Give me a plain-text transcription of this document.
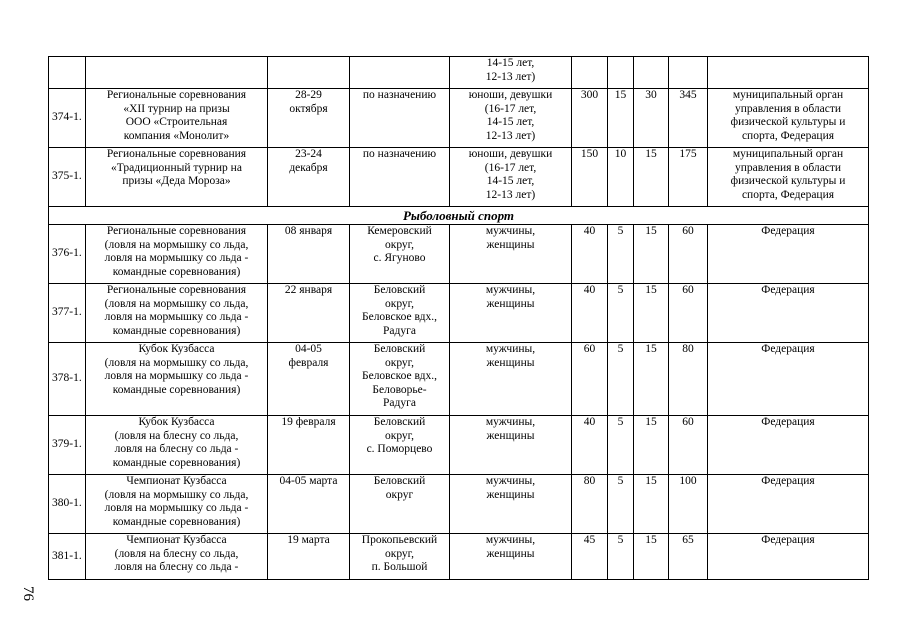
				14-15 лет,
12-13 лет)					

374-1.	Региональные соревнования
«XII турнир на призы
ООО «Строительная
компания «Монолит»	28-29
октября	по назначению	юноши, девушки
(16-17 лет,
14-15 лет,
12-13 лет)	300	15	30	345	муниципальный орган
управления в области
физической культуры и
спорта, Федерация

375-1.	Региональные соревнования
«Традиционный турнир на
призы «Деда Мороза»	23-24
декабря	по назначению	юноши, девушки
(16-17 лет,
14-15 лет,
12-13 лет)	150	10	15	175	муниципальный орган
управления в области
физической культуры и
спорта, Федерация

Рыболовный спорт									
376-1.	Региональные соревнования
(ловля на мормышку со льда,
ловля на мормышку со льда -
командные соревнования)	08 января	Кемеровский
округ,
с. Ягуново	мужчины,
женщины	40	5	15	60	Федерация

377-1.	Региональные соревнования
(ловля на мормышку со льда,
ловля на мормышку со льда -
командные соревнования)	22 января	Беловский
округ,
Беловское вдх.,
Радуга	мужчины,
женщины	40	5	15	60	Федерация

378-1.	Кубок Кузбасса
(ловля на мормышку со льда,
ловля на мормышку со льда -
командные соревнования)	04-05
февраля	Беловский
округ,
Беловское вдх.,
Беловорье-
Радуга	мужчины,
женщины	60	5	15	80	Федерация

379-1.	Кубок Кузбасса
(ловля на блесну со льда,
ловля на блесну со льда -
командные соревнования)	19 февраля	Беловский
округ,
с. Поморцево	мужчины,
женщины	40	5	15	60	Федерация

380-1.	Чемпионат Кузбасса
(ловля на мормышку со льда,
ловля на мормышку со льда -
командные соревнования)	04-05 марта	Беловский
округ	мужчины,
женщины	80	5	15	100	Федерация

381-1.	Чемпионат Кузбасса
(ловля на блесну со льда,
ловля на блесну со льда -	19 марта	Прокопьевский
округ,
п. Большой	мужчины,
женщины	45	5	15	65	Федерация
76
